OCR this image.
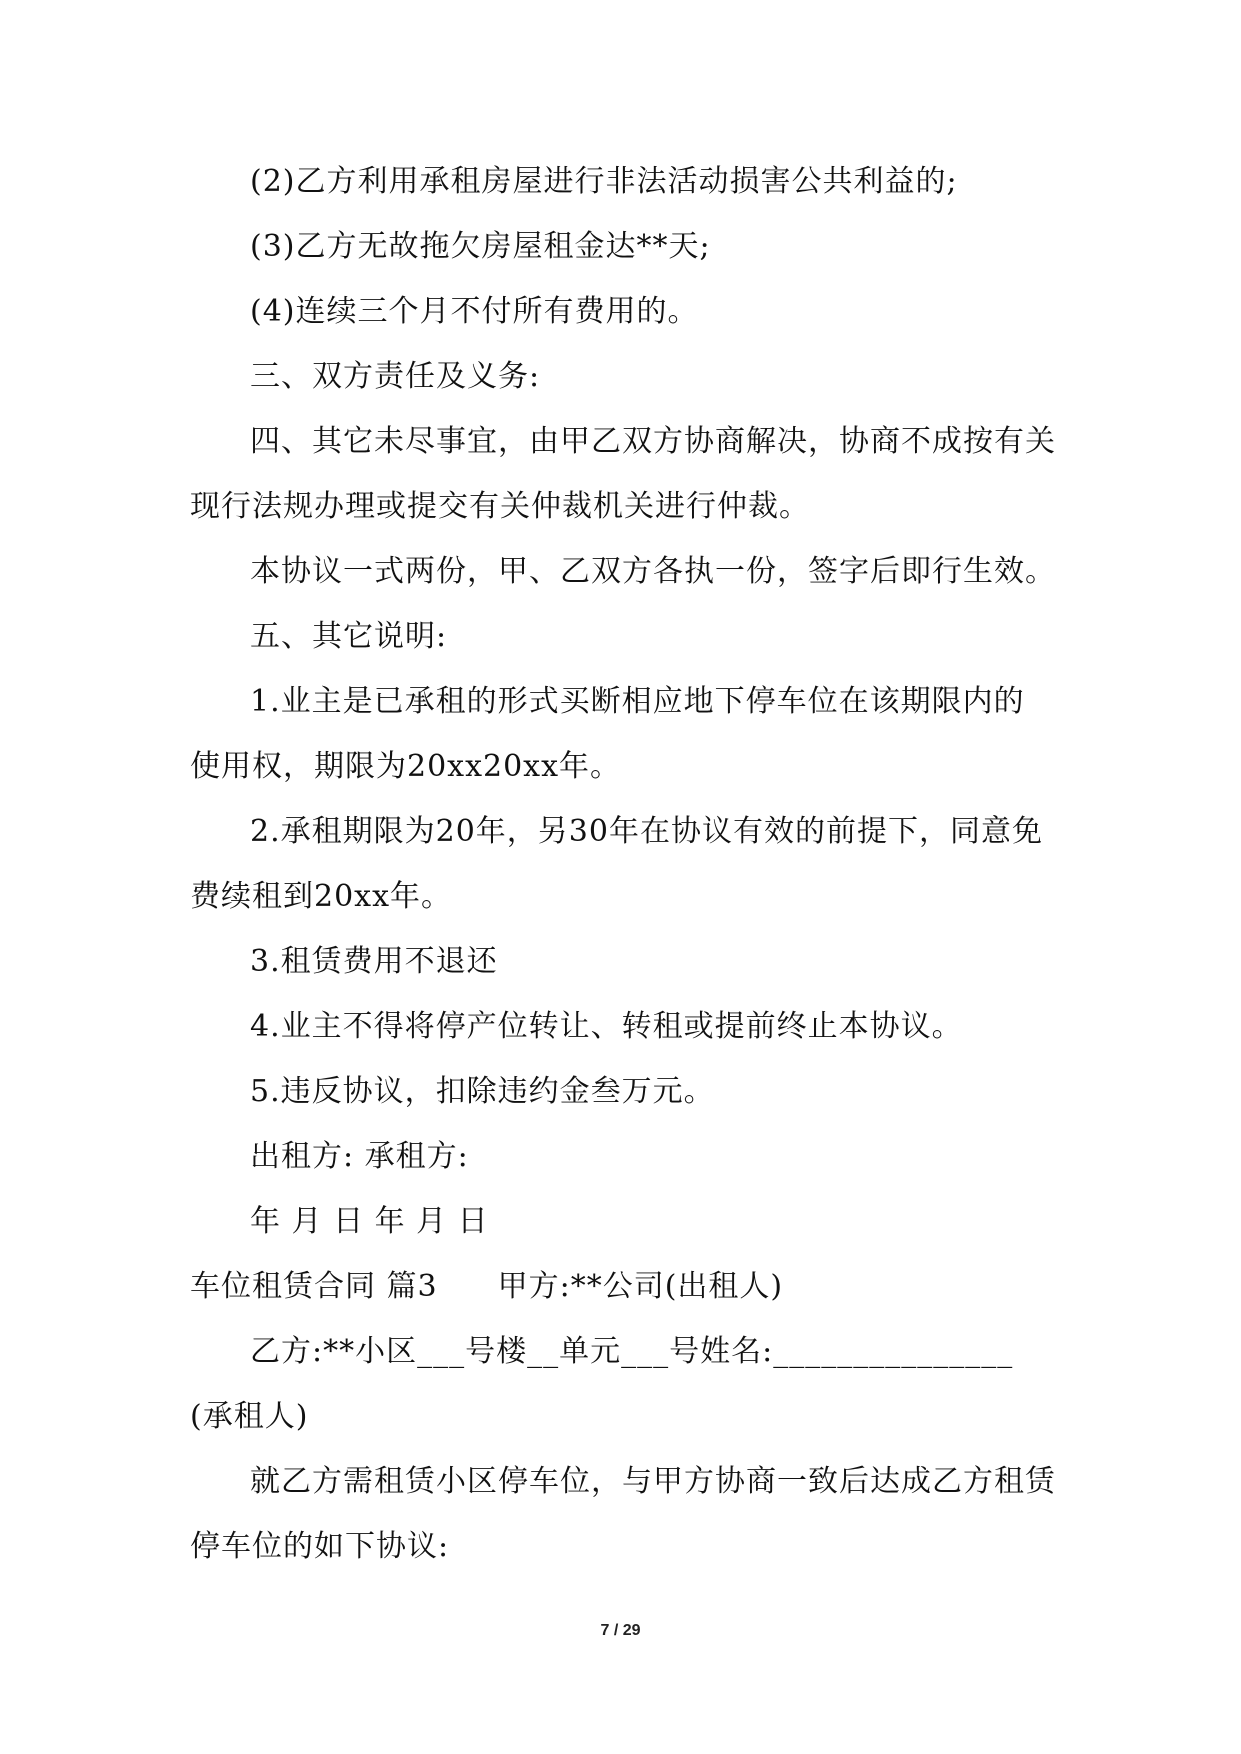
(2)乙方利用承租房屋进行非法活动损害公共利益的;
(3)乙方无故拖欠房屋租金达**天;
(4)连续三个月不付所有费用的。
三、双方责任及义务:
四、其它未尽事宜，由甲乙双方协商解决，协商不成按有关
现行法规办理或提交有关仲裁机关进行仲裁。
本协议一式两份，甲、乙双方各执一份，签字后即行生效。
五、其它说明:
1.业主是已承租的形式买断相应地下停车位在该期限内的
使用权，期限为20xx20xx年。
2.承租期限为20年，另30年在协议有效的前提下，同意免
费续租到20xx年。
3.租赁费用不退还
4.业主不得将停产位转让、转租或提前终止本协议。
5.违反协议，扣除违约金叁万元。
出租方: 承租方:
年 月 日 年 月 日
车位租赁合同 篇3 甲方:**公司(出租人)
乙方:**小区___号楼__单元___号姓名:_______________
(承租人)
就乙方需租赁小区停车位，与甲方协商一致后达成乙方租赁
停车位的如下协议:
7 / 29
